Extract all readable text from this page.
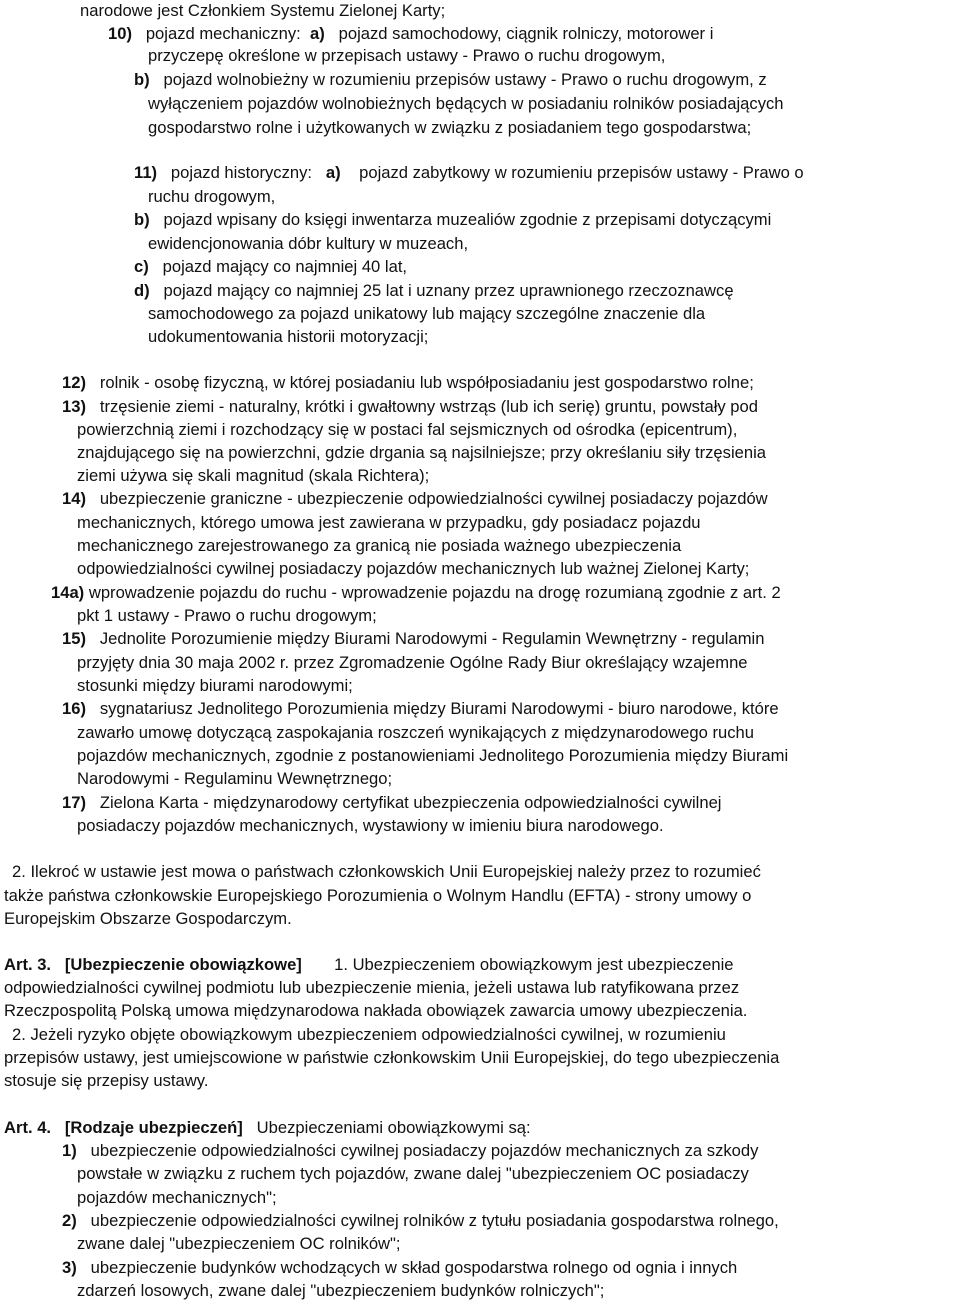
narodowe jest Członkiem Systemu Zielonej Karty;
10) pojazd mechaniczny: a) pojazd samochodowy, ciągnik rolniczy, motorower i
przyczepę określone w przepisach ustawy - Prawo o ruchu drogowym,
b) pojazd wolnobieżny w rozumieniu przepisów ustawy - Prawo o ruchu drogowym, z
wyłączeniem pojazdów wolnobieżnych będących w posiadaniu rolników posiadających
gospodarstwo rolne i użytkowanych w związku z posiadaniem tego gospodarstwa;
11) pojazd historyczny: a) pojazd zabytkowy w rozumieniu przepisów ustawy - Prawo o
ruchu drogowym,
b) pojazd wpisany do księgi inwentarza muzealiów zgodnie z przepisami dotyczącymi
ewidencjonowania dóbr kultury w muzeach,
c) pojazd mający co najmniej 40 lat,
d) pojazd mający co najmniej 25 lat i uznany przez uprawnionego rzeczoznawcę
samochodowego za pojazd unikatowy lub mający szczególne znaczenie dla
udokumentowania historii motoryzacji;
12) rolnik - osobę fizyczną, w której posiadaniu lub współposiadaniu jest gospodarstwo rolne;
13) trzęsienie ziemi - naturalny, krótki i gwałtowny wstrząs (lub ich serię) gruntu, powstały pod
powierzchnią ziemi i rozchodzący się w postaci fal sejsmicznych od ośrodka (epicentrum),
znajdującego się na powierzchni, gdzie drgania są najsilniejsze; przy określaniu siły trzęsienia
ziemi używa się skali magnitud (skala Richtera);
14) ubezpieczenie graniczne - ubezpieczenie odpowiedzialności cywilnej posiadaczy pojazdów
mechanicznych, którego umowa jest zawierana w przypadku, gdy posiadacz pojazdu
mechanicznego zarejestrowanego za granicą nie posiada ważnego ubezpieczenia
odpowiedzialności cywilnej posiadaczy pojazdów mechanicznych lub ważnej Zielonej Karty;
14a) wprowadzenie pojazdu do ruchu - wprowadzenie pojazdu na drogę rozumianą zgodnie z art. 2
pkt 1 ustawy - Prawo o ruchu drogowym;
15) Jednolite Porozumienie między Biurami Narodowymi - Regulamin Wewnętrzny - regulamin
przyjęty dnia 30 maja 2002 r. przez Zgromadzenie Ogólne Rady Biur określający wzajemne
stosunki między biurami narodowymi;
16) sygnatariusz Jednolitego Porozumienia między Biurami Narodowymi - biuro narodowe, które
zawarło umowę dotyczącą zaspokajania roszczeń wynikających z międzynarodowego ruchu
pojazdów mechanicznych, zgodnie z postanowieniami Jednolitego Porozumienia między Biurami
Narodowymi - Regulaminu Wewnętrznego;
17) Zielona Karta - międzynarodowy certyfikat ubezpieczenia odpowiedzialności cywilnej
posiadaczy pojazdów mechanicznych, wystawiony w imieniu biura narodowego.
2. Ilekroć w ustawie jest mowa o państwach członkowskich Unii Europejskiej należy przez to rozumieć
także państwa członkowskie Europejskiego Porozumienia o Wolnym Handlu (EFTA) - strony umowy o
Europejskim Obszarze Gospodarczym.
Art. 3. [Ubezpieczenie obowiązkowe] 1. Ubezpieczeniem obowiązkowym jest ubezpieczenie
odpowiedzialności cywilnej podmiotu lub ubezpieczenie mienia, jeżeli ustawa lub ratyfikowana przez
Rzeczpospolitą Polską umowa międzynarodowa nakłada obowiązek zawarcia umowy ubezpieczenia.
2. Jeżeli ryzyko objęte obowiązkowym ubezpieczeniem odpowiedzialności cywilnej, w rozumieniu
przepisów ustawy, jest umiejscowione w państwie członkowskim Unii Europejskiej, do tego ubezpieczenia
stosuje się przepisy ustawy.
Art. 4. [Rodzaje ubezpieczeń] Ubezpieczeniami obowiązkowymi są:
1) ubezpieczenie odpowiedzialności cywilnej posiadaczy pojazdów mechanicznych za szkody
powstałe w związku z ruchem tych pojazdów, zwane dalej "ubezpieczeniem OC posiadaczy
pojazdów mechanicznych";
2) ubezpieczenie odpowiedzialności cywilnej rolników z tytułu posiadania gospodarstwa rolnego,
zwane dalej "ubezpieczeniem OC rolników";
3) ubezpieczenie budynków wchodzących w skład gospodarstwa rolnego od ognia i innych
zdarzeń losowych, zwane dalej "ubezpieczeniem budynków rolniczych";
